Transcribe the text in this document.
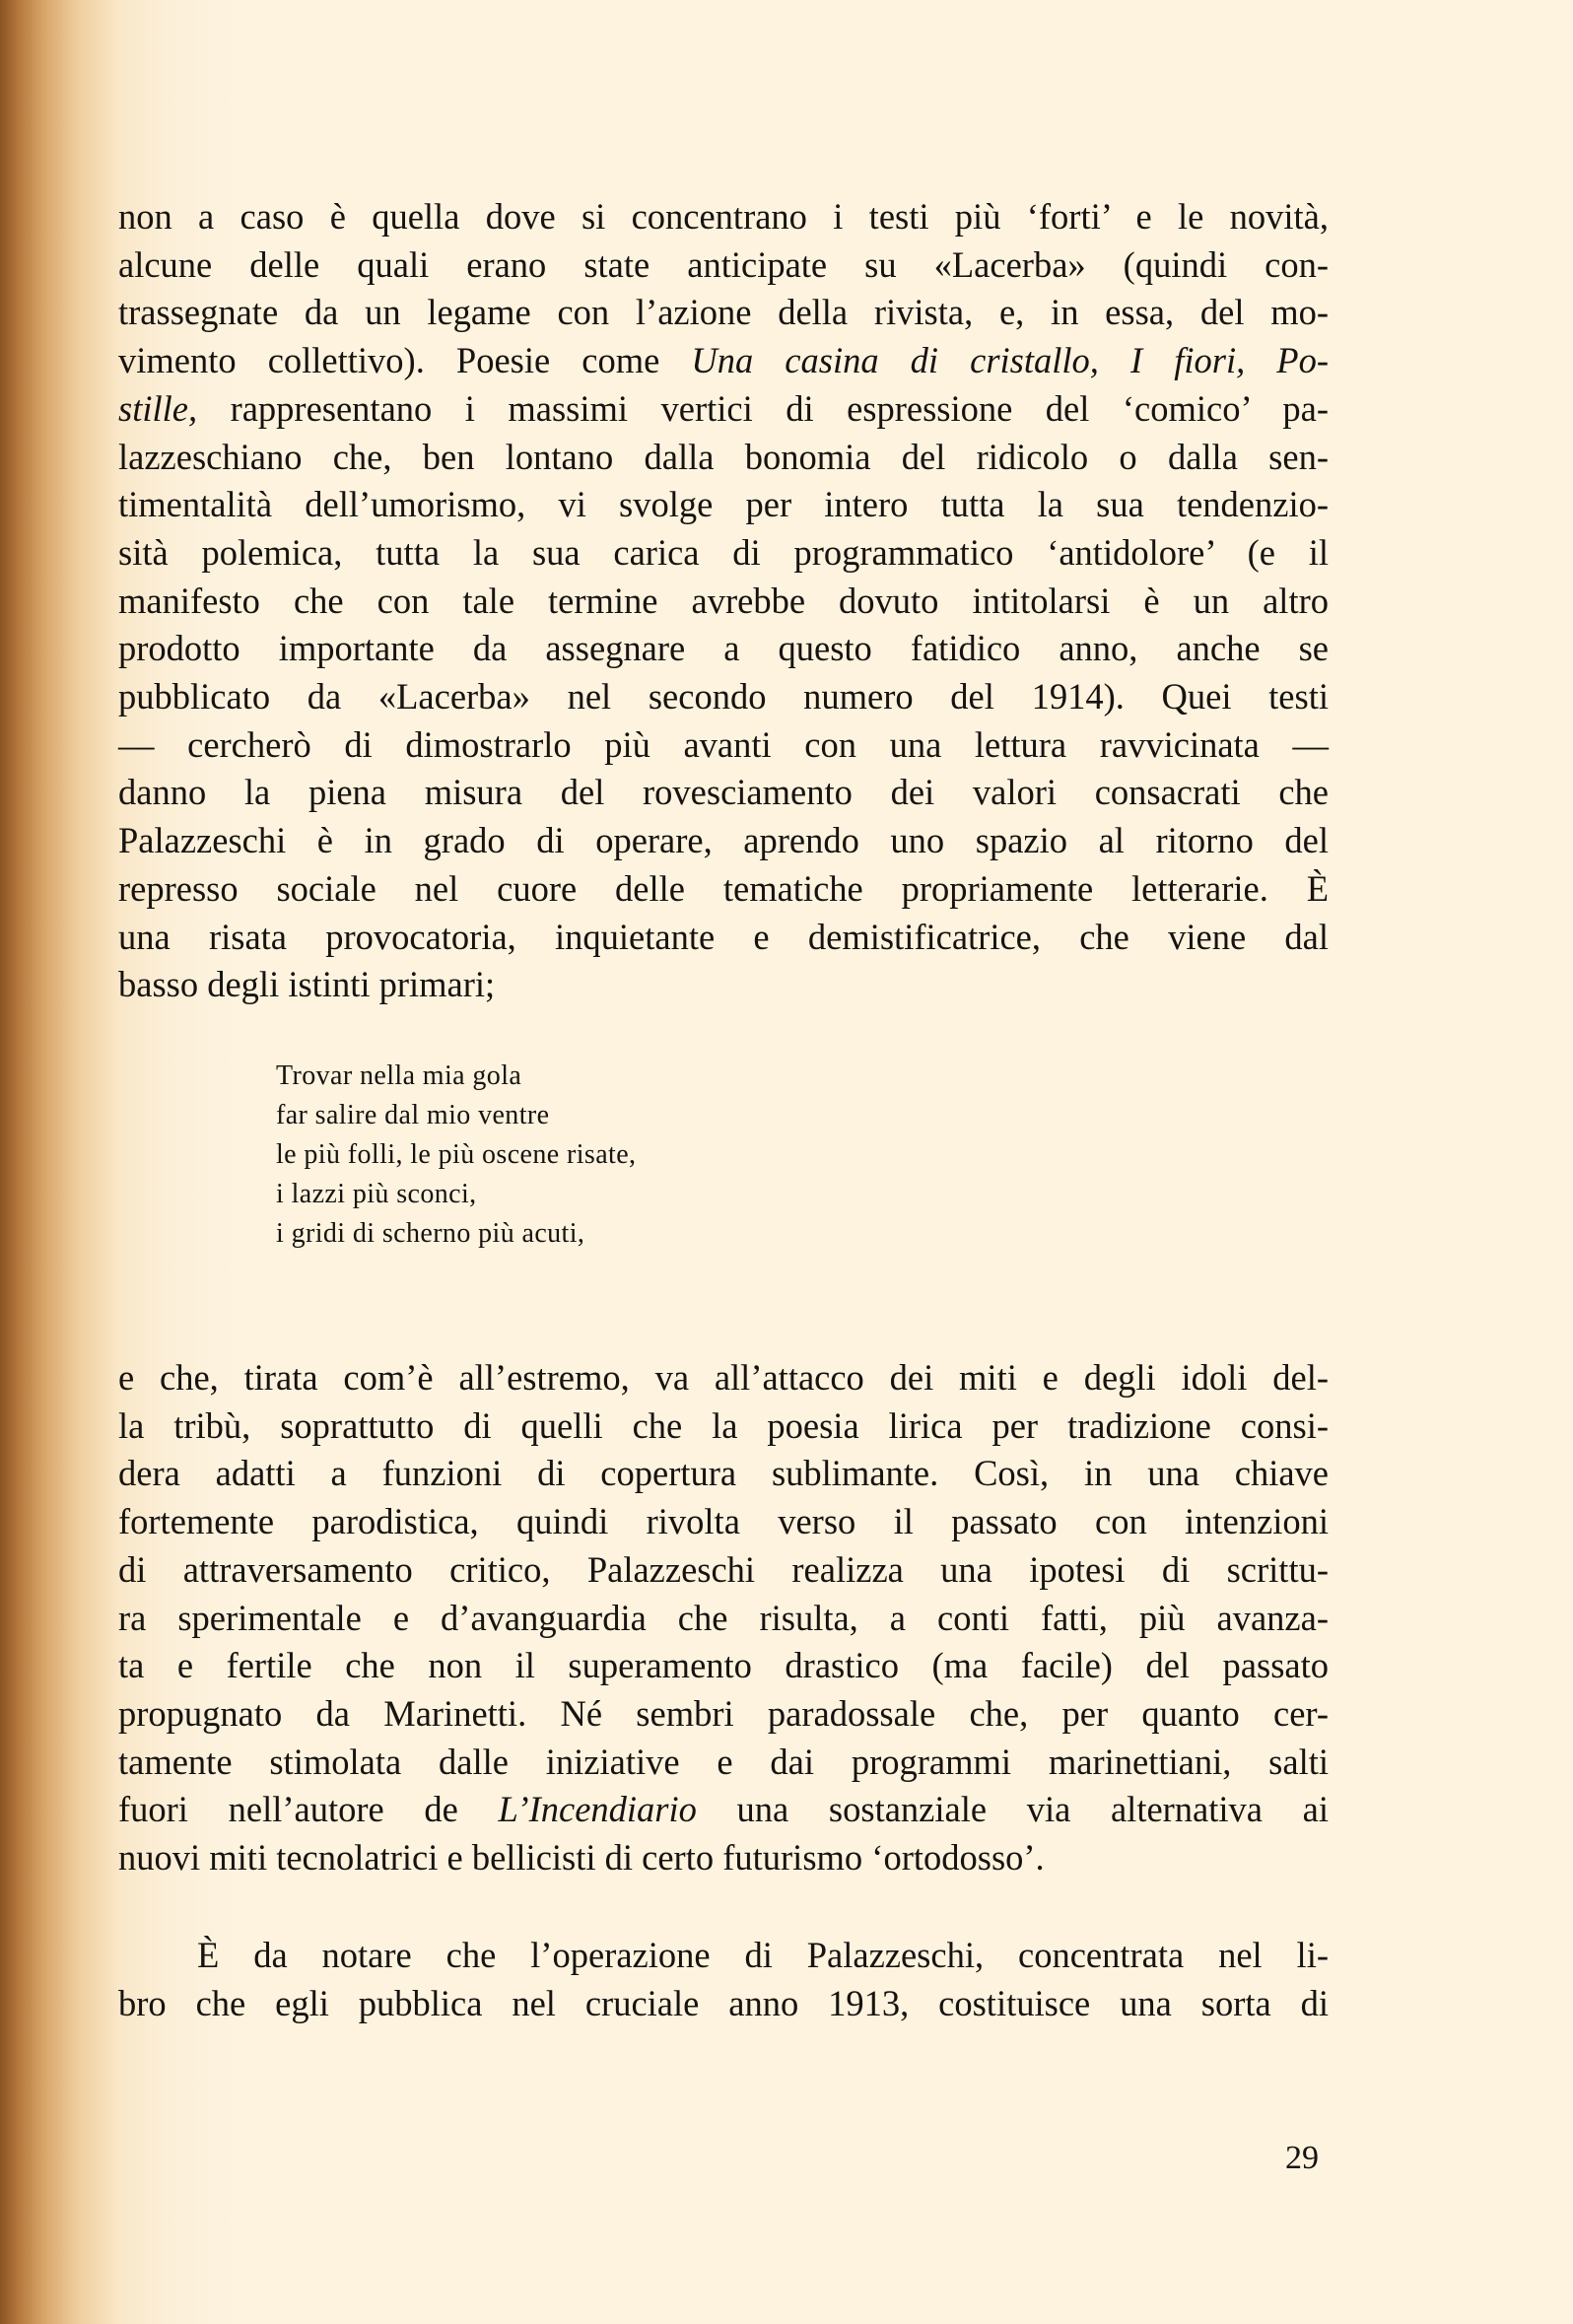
non a caso è quella dove si concentrano i testi più ‘forti’ e le novità,
alcune delle quali erano state anticipate su «Lacerba» (quindi con-
trassegnate da un legame con l’azione della rivista, e, in essa, del mo-
vimento collettivo). Poesie come Una casina di cristallo, I fiori, Po-
stille, rappresentano i massimi vertici di espressione del ‘comico’ pa-
lazzeschiano che, ben lontano dalla bonomia del ridicolo o dalla sen-
timentalità dell’umorismo, vi svolge per intero tutta la sua tendenzio-
sità polemica, tutta la sua carica di programmatico ‘antidolore’ (e il
manifesto che con tale termine avrebbe dovuto intitolarsi è un altro
prodotto importante da assegnare a questo fatidico anno, anche se
pubblicato da «Lacerba» nel secondo numero del 1914). Quei testi
— cercherò di dimostrarlo più avanti con una lettura ravvicinata —
danno la piena misura del rovesciamento dei valori consacrati che
Palazzeschi è in grado di operare, aprendo uno spazio al ritorno del
represso sociale nel cuore delle tematiche propriamente letterarie. È
una risata provocatoria, inquietante e demistificatrice, che viene dal
basso degli istinti primari;
Trovar nella mia gola
far salire dal mio ventre
le più folli, le più oscene risate,
i lazzi più sconci,
i gridi di scherno più acuti,
e che, tirata com’è all’estremo, va all’attacco dei miti e degli idoli del-
la tribù, soprattutto di quelli che la poesia lirica per tradizione consi-
dera adatti a funzioni di copertura sublimante. Così, in una chiave
fortemente parodistica, quindi rivolta verso il passato con intenzioni
di attraversamento critico, Palazzeschi realizza una ipotesi di scrittu-
ra sperimentale e d’avanguardia che risulta, a conti fatti, più avanza-
ta e fertile che non il superamento drastico (ma facile) del passato
propugnato da Marinetti. Né sembri paradossale che, per quanto cer-
tamente stimolata dalle iniziative e dai programmi marinettiani, salti
fuori nell’autore de L’Incendiario una sostanziale via alternativa ai
nuovi miti tecnolatrici e bellicisti di certo futurismo ‘ortodosso’.
È da notare che l’operazione di Palazzeschi, concentrata nel li-
bro che egli pubblica nel cruciale anno 1913, costituisce una sorta di
29
